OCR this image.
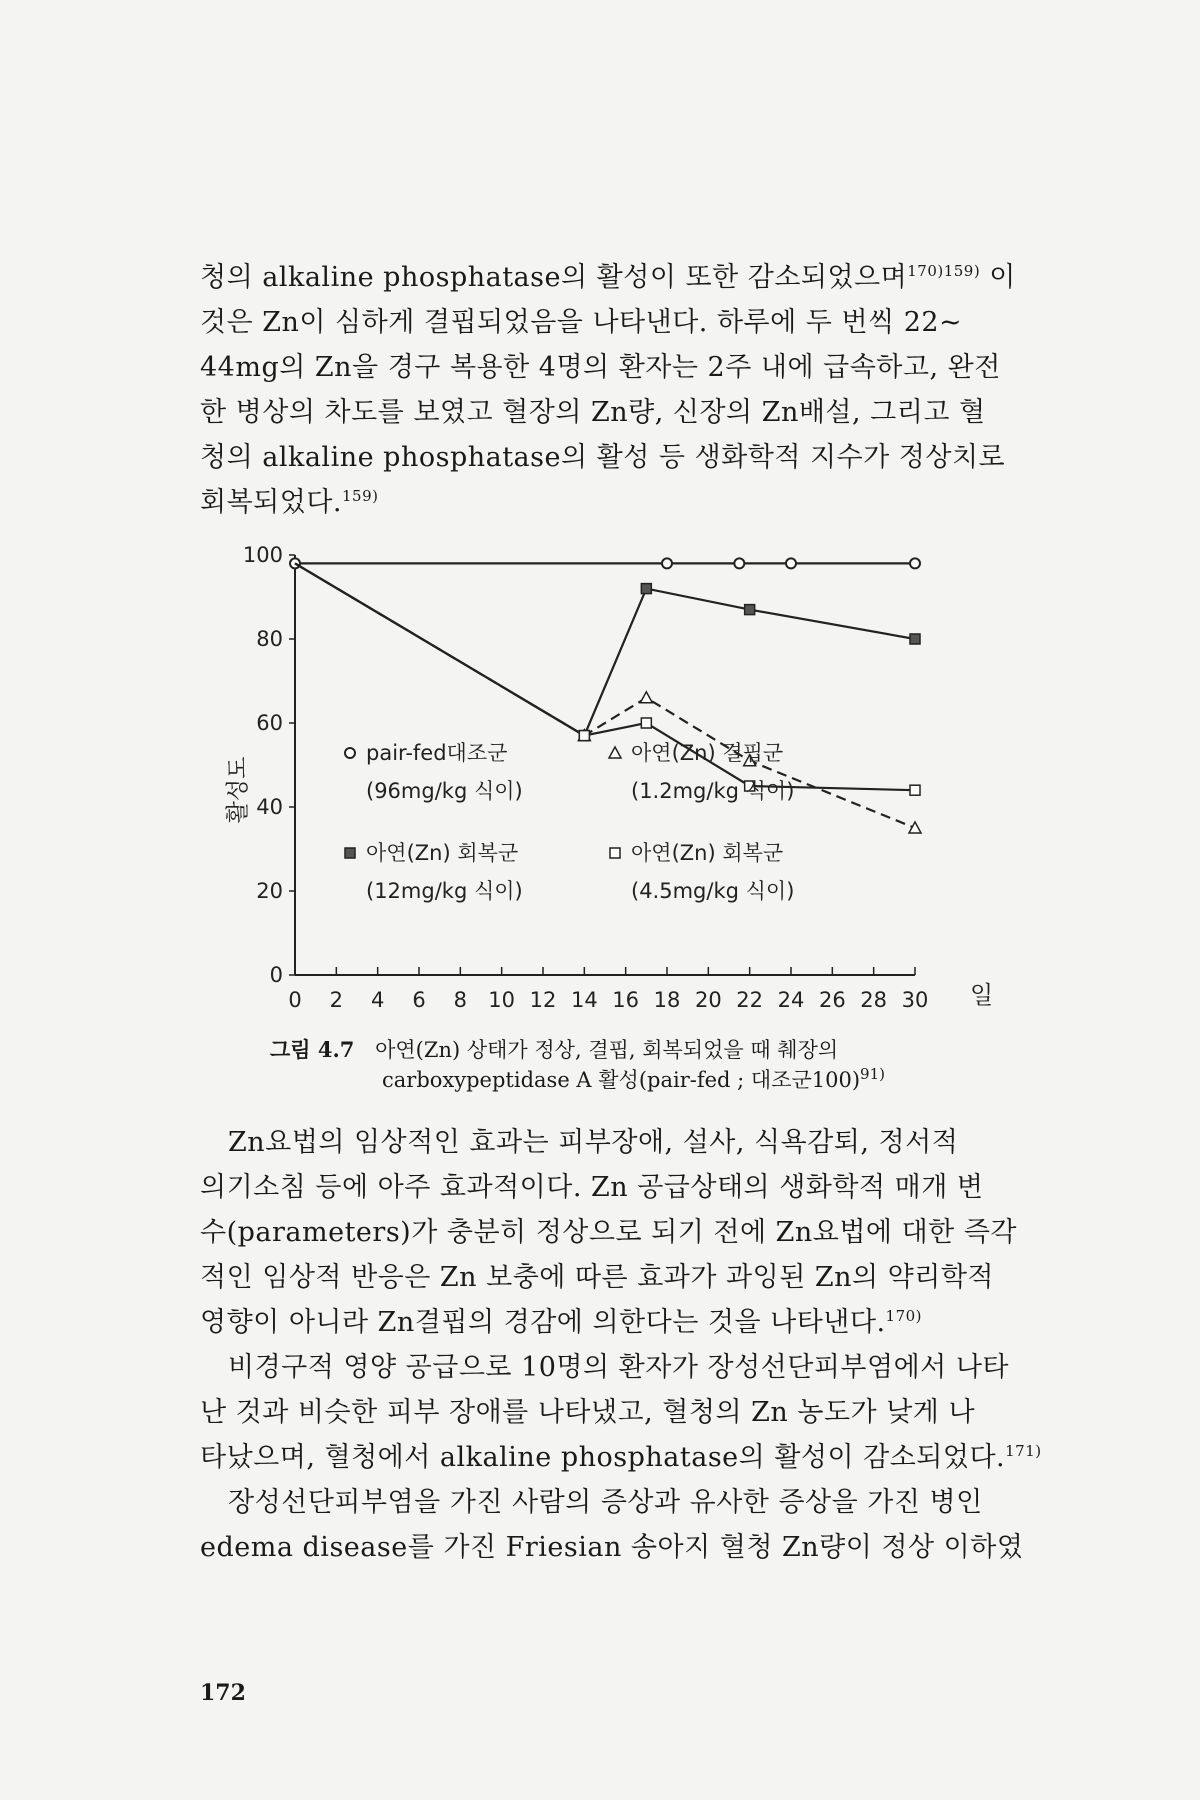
청의 alkaline phosphatase의 활성이 또한 감소되었으며$^{170)159)}$ 이
것은 Zn이 심하게 결핍되었음을 나타낸다. 하루에 두 번씩 22~
44mg의 Zn을 경구 복용한 4명의 환자는 2주 내에 급속하고, 완전
한 병상의 차도를 보였고 혈장의 Zn량, 신장의 Zn배설, 그리고 혈
청의 alkaline phosphatase의 활성 등 생화학적 지수가 정상치로
회복되었다.$^{159)}$
0 2 4 6 8 10 12 14 16 18 20 22 24 26 28 30
0
20
40
60
80
100
일
활성도
pair-fed대조군
(96mg/kg 식이)
아연(Zn) 회복군
(12mg/kg 식이)
아연(Zn) 결핍군
(1.2mg/kg 식이)
아연(Zn) 회복군
(4.5mg/kg 식이)
그림 4.7 아연(Zn) 상태가 정상, 결핍, 회복되었을 때 췌장의
carboxypeptidase A 활성(pair-fed ; 대조군100)$^{91)}$
Zn요법의 임상적인 효과는 피부장애, 설사, 식욕감퇴, 정서적
의기소침 등에 아주 효과적이다. Zn 공급상태의 생화학적 매개 변
수(parameters)가 충분히 정상으로 되기 전에 Zn요법에 대한 즉각
적인 임상적 반응은 Zn 보충에 따른 효과가 과잉된 Zn의 약리학적
영향이 아니라 Zn결핍의 경감에 의한다는 것을 나타낸다.$^{170)}$
비경구적 영양 공급으로 10명의 환자가 장성선단피부염에서 나타
난 것과 비슷한 피부 장애를 나타냈고, 혈청의 Zn 농도가 낮게 나
타났으며, 혈청에서 alkaline phosphatase의 활성이 감소되었다.$^{171)}$
장성선단피부염을 가진 사람의 증상과 유사한 증상을 가진 병인
edema disease를 가진 Friesian 송아지 혈청 Zn량이 정상 이하였
172
